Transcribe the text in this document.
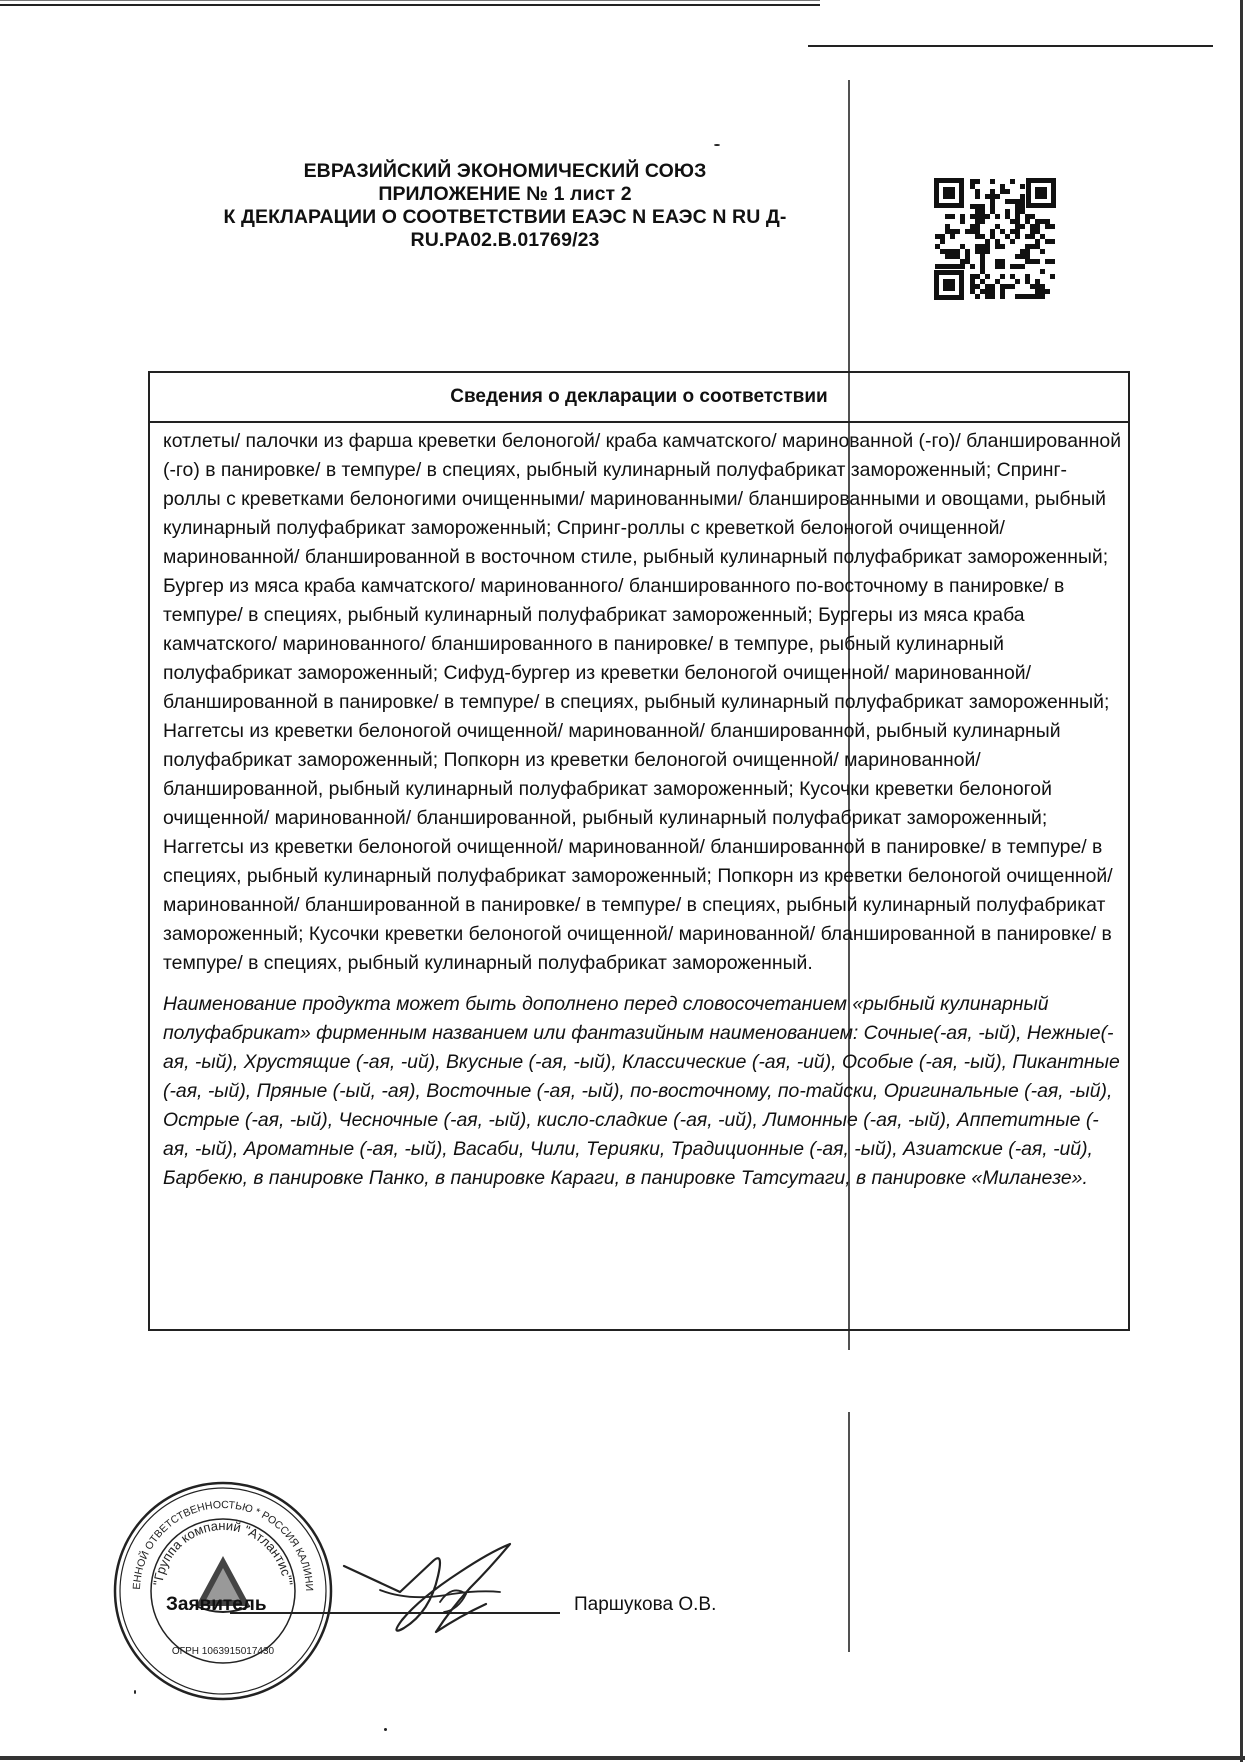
ЕВРАЗИЙСКИЙ ЭКОНОМИЧЕСКИЙ СОЮЗ
ПРИЛОЖЕНИЕ № 1 лист 2
К ДЕКЛАРАЦИИ О СООТВЕТСТВИИ ЕАЭС N ЕАЭС N RU Д-
RU.PA02.B.01769/23
Сведения о декларации о соответствии

котлеты/ палочки из фарша креветки белоногой/ краба камчатского/ маринованной (-го)/ бланшированной (-го) в панировке/ в темпуре/ в специях, рыбный кулинарный полуфабрикат замороженный; Спринг-роллы с креветками белоногими очищенными/ маринованными/ бланшированными и овощами, рыбный кулинарный полуфабрикат замороженный; Спринг-роллы с креветкой белоногой очищенной/ маринованной/ бланшированной в восточном стиле, рыбный кулинарный полуфабрикат замороженный; Бургер из мяса краба камчатского/ маринованного/ бланшированного по-восточному в панировке/ в темпуре/ в специях, рыбный кулинарный полуфабрикат замороженный; Бургеры из мяса краба камчатского/ маринованного/ бланшированного в панировке/ в темпуре, рыбный кулинарный полуфабрикат замороженный; Сифуд-бургер из креветки белоногой очищенной/ маринованной/ бланшированной в панировке/ в темпуре/ в специях, рыбный кулинарный полуфабрикат замороженный; Наггетсы из креветки белоногой очищенной/ маринованной/ бланшированной, рыбный кулинарный полуфабрикат замороженный; Попкорн из креветки белоногой очищенной/ маринованной/ бланшированной, рыбный кулинарный полуфабрикат замороженный; Кусочки креветки белоногой очищенной/ маринованной/ бланшированной, рыбный кулинарный полуфабрикат замороженный; Наггетсы из креветки белоногой очищенной/ маринованной/ бланшированной в панировке/ в темпуре/ в специях, рыбный кулинарный полуфабрикат замороженный; Попкорн из креветки белоногой очищенной/ маринованной/ бланшированной в панировке/ в темпуре/ в специях, рыбный кулинарный полуфабрикат замороженный; Кусочки креветки белоногой очищенной/ маринованной/ бланшированной в панировке/ в темпуре/ в специях, рыбный кулинарный полуфабрикат замороженный.

Наименование продукта может быть дополнено перед словосочетанием «рыбный кулинарный полуфабрикат» фирменным названием или фантазийным наименованием: Сочные(-ая, -ый), Нежные(-ая, -ый), Хрустящие (-ая, -ий), Вкусные (-ая, -ый), Классические (-ая, -ий), Особые (-ая, -ый), Пикантные (-ая, -ый), Пряные (-ый, -ая), Восточные (-ая, -ый), по-восточному, по-тайски, Оригинальные (-ая, -ый), Острые (-ая, -ый), Чесночные (-ая, -ый), кисло-сладкие (-ая, -ий), Лимонные (-ая, -ый), Аппетитные (-ая, -ый), Ароматные (-ая, -ый), Васаби, Чили, Терияки, Традиционные (-ая, -ый), Азиатские (-ая, -ий), Барбекю, в панировке Панко, в панировке Караги, в панировке Татсутаги, в панировке «Миланезе».

ЕННОЙ ОТВЕТСТВЕННОСТЬЮ * РОССИЯ КАЛИНИ
"Группа компаний "Атлантис""
ОГРН 1063915017430
Заявитель	Паршукова О.В.
